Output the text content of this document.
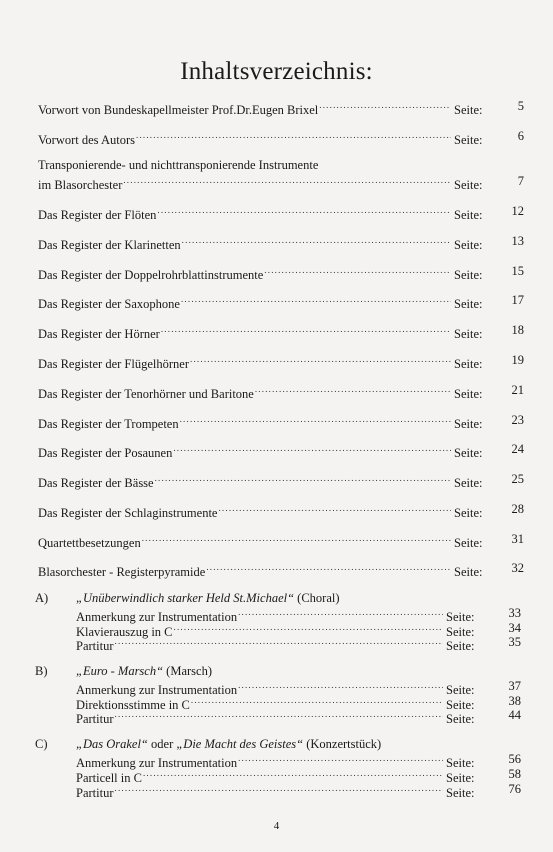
Inhaltsverzeichnis:
Vorwort von Bundeskapellmeister Prof.Dr.Eugen Brixel .....	Seite:	5
Vorwort des Autors .....	Seite:	6
Transponierende- und nichttransponierende Instrumente
im Blasorchester .....	Seite:	7
Das Register der Flöten .....	Seite:	12
Das Register der Klarinetten .....	Seite:	13
Das Register der Doppelrohrblattinstrumente .....	Seite:	15
Das Register der Saxophone .....	Seite:	17
Das Register der Hörner .....	Seite:	18
Das Register der Flügelhörner .....	Seite:	19
Das Register der Tenorhörner und Baritone .....	Seite:	21
Das Register der Trompeten .....	Seite:	23
Das Register der Posaunen .....	Seite:	24
Das Register der Bässe .....	Seite:	25
Das Register der Schlaginstrumente .....	Seite:	28
Quartettbesetzungen .....	Seite:	31
Blasorchester - Registerpyramide .....	Seite:	32
A) „Unüberwindlich starker Held St.Michael“ (Choral)
Anmerkung zur Instrumentation .....	Seite:	33
Klavierauszug in C .....	Seite:	34
Partitur .....	Seite:	35
B) „Euro - Marsch“ (Marsch)
Anmerkung zur Instrumentation .....	Seite:	37
Direktionsstimme in C .....	Seite:	38
Partitur .....	Seite:	44
C) „Das Orakel“ oder „Die Macht des Geistes“ (Konzertstück)
Anmerkung zur Instrumentation .....	Seite:	56
Particell in C .....	Seite:	58
Partitur .....	Seite:	76
4
